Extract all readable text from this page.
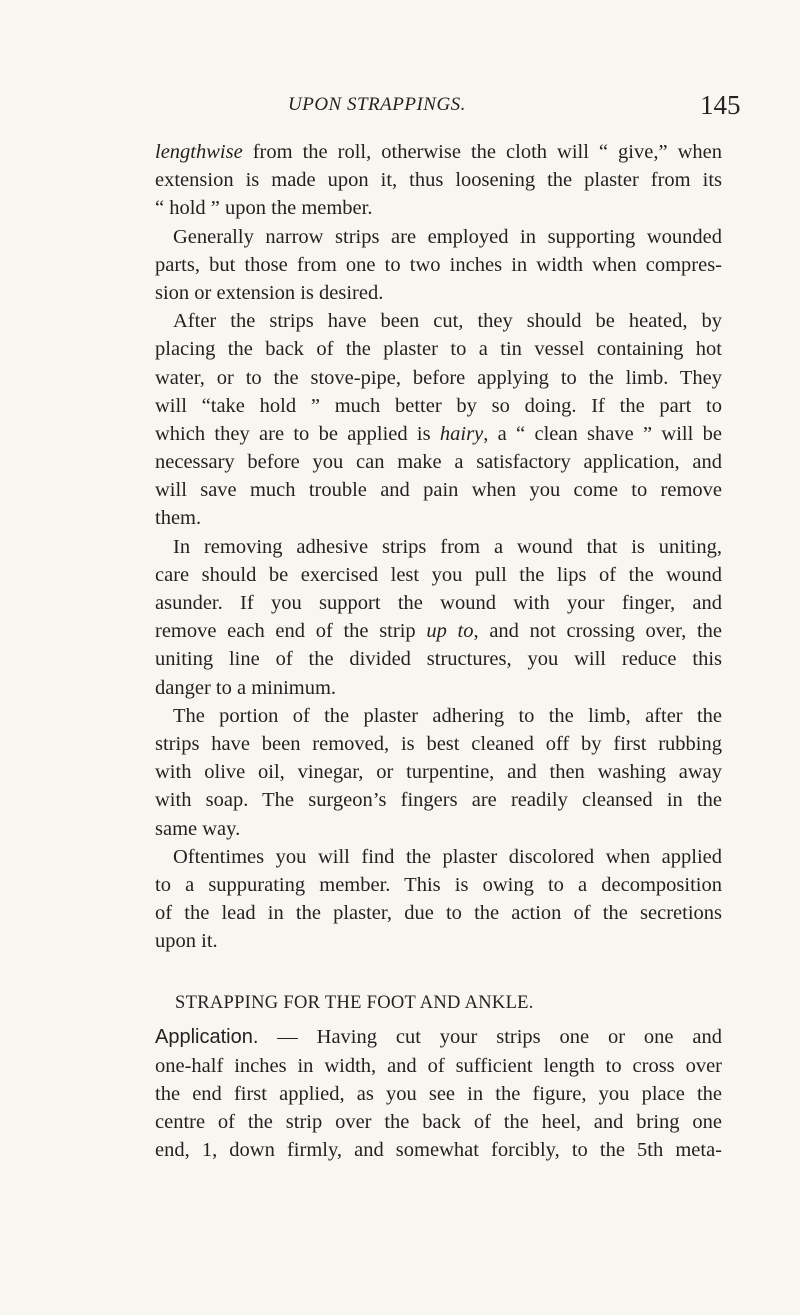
UPON STRAPPINGS.	145
lengthwise from the roll, otherwise the cloth will “ give,” when
extension is made upon it, thus loosening the plaster from its
“ hold ” upon the member.
Generally narrow strips are employed in supporting wounded
parts, but those from one to two inches in width when compres-
sion or extension is desired.
After the strips have been cut, they should be heated, by
placing the back of the plaster to a tin vessel containing hot
water, or to the stove-pipe, before applying to the limb. They
will “take hold ” much better by so doing. If the part to
which they are to be applied is hairy, a “ clean shave ” will be
necessary before you can make a satisfactory application, and
will save much trouble and pain when you come to remove
them.
In removing adhesive strips from a wound that is uniting,
care should be exercised lest you pull the lips of the wound
asunder. If you support the wound with your finger, and
remove each end of the strip up to, and not crossing over, the
uniting line of the divided structures, you will reduce this
danger to a minimum.
The portion of the plaster adhering to the limb, after the
strips have been removed, is best cleaned off by first rubbing
with olive oil, vinegar, or turpentine, and then washing away
with soap. The surgeon’s fingers are readily cleansed in the
same way.
Oftentimes you will find the plaster discolored when applied
to a suppurating member. This is owing to a decomposition
of the lead in the plaster, due to the action of the secretions
upon it.
STRAPPING FOR THE FOOT AND ANKLE.
Application. — Having cut your strips one or one and
one-half inches in width, and of sufficient length to cross over
the end first applied, as you see in the figure, you place the
centre of the strip over the back of the heel, and bring one
end, 1, down firmly, and somewhat forcibly, to the 5th meta-
